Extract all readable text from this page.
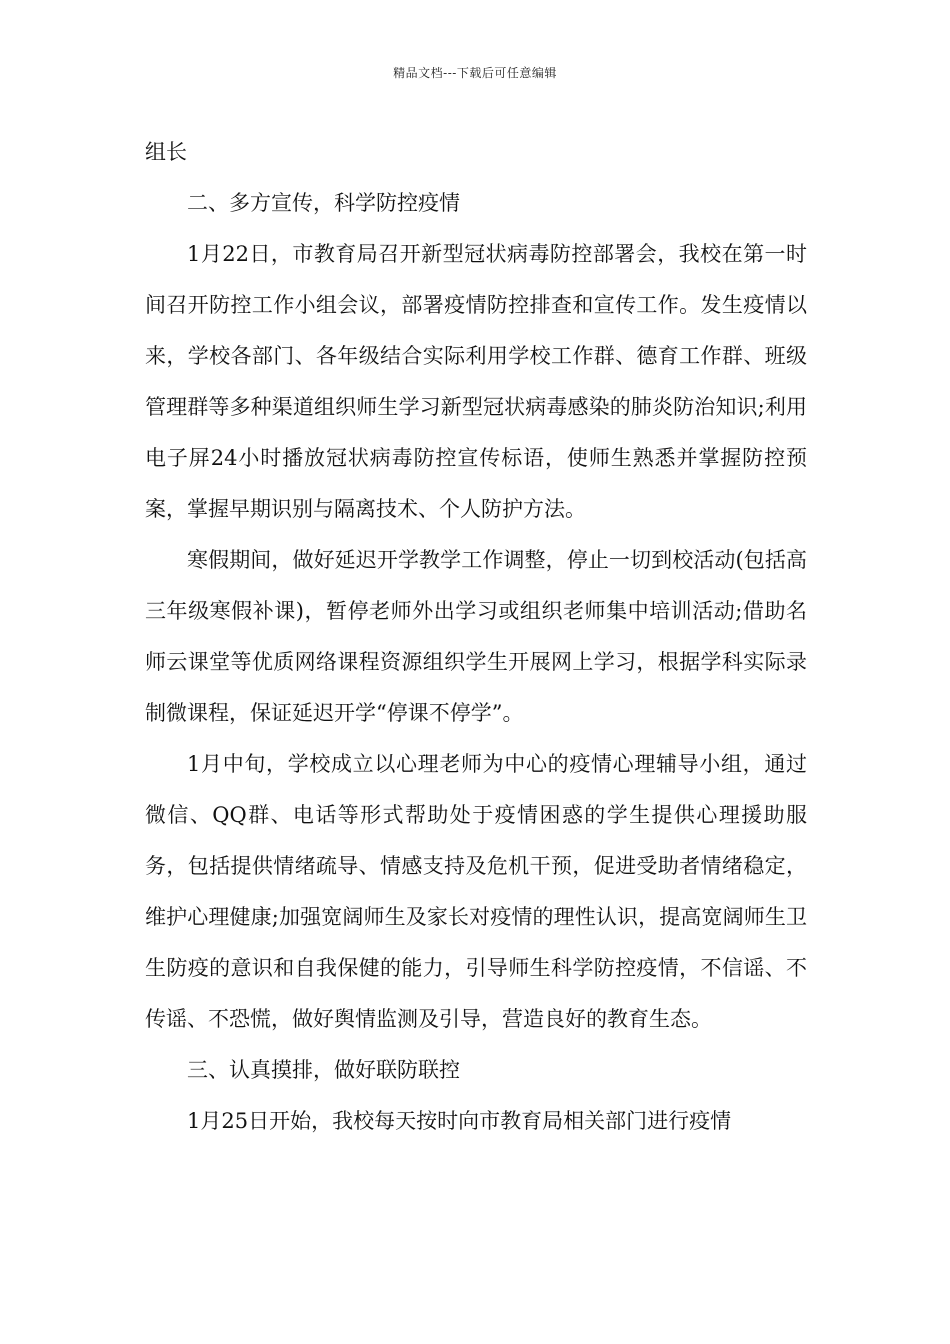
精品文档---下载后可任意编辑

组长

二、多方宣传，科学防控疫情

1月22日，市教育局召开新型冠状病毒防控部署会，我校在第一时间召开防控工作小组会议，部署疫情防控排查和宣传工作。发生疫情以来，学校各部门、各年级结合实际利用学校工作群、德育工作群、班级管理群等多种渠道组织师生学习新型冠状病毒感染的肺炎防治知识;利用电子屏24小时播放冠状病毒防控宣传标语，使师生熟悉并掌握防控预案，掌握早期识别与隔离技术、个人防护方法。

寒假期间，做好延迟开学教学工作调整，停止一切到校活动(包括高三年级寒假补课)，暂停老师外出学习或组织老师集中培训活动;借助名 师云课堂等优质网络课程资源组织学生开展网上学习，根据学科实际录制微课程，保证延迟开学“停课不停学”。

1月中旬，学校成立以心理老师为中心的疫情心理辅导小组，通过微信、QQ群、电话等形式帮助处于疫情困惑的学生提供心理援助服务，包括提供情绪疏导、情感支持及危机干预，促进受助者情绪稳定，维护心理健康;加强宽阔师生及家长对疫情的理性认识，提高宽阔师生卫生防疫的意识和自我保健的能力，引导师生科学防控疫情，不信谣、不传谣、不恐慌，做好舆情监测及引导，营造良好的教育生态。

三、认真摸排，做好联防联控

1月25日开始，我校每天按时向市教育局相关部门进行疫情
